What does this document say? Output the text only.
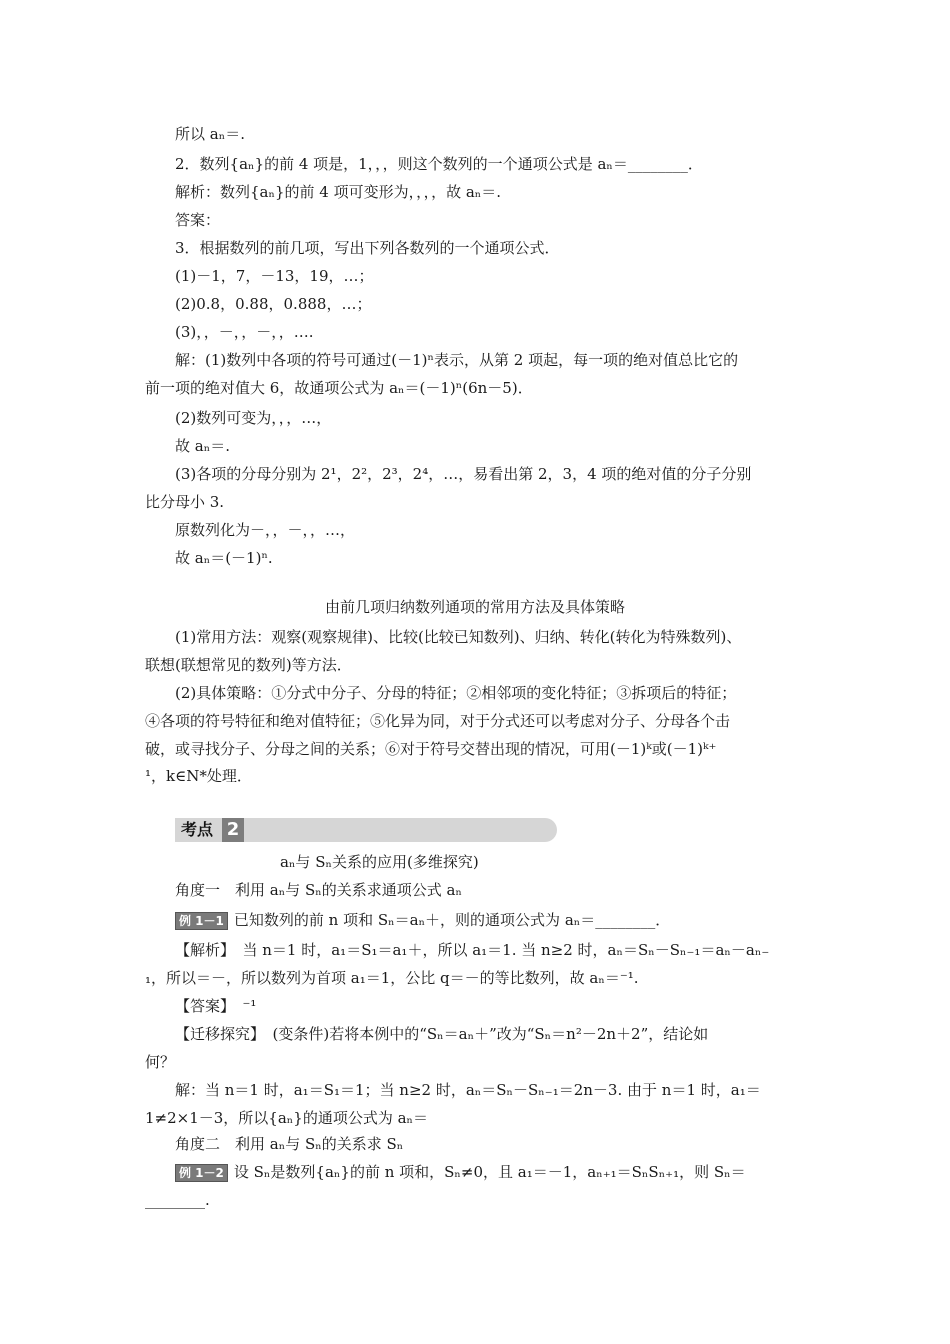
所以 aₙ＝.
2．数列{aₙ}的前 4 项是，1，，，则这个数列的一个通项公式是 aₙ＝________．
解析：数列{aₙ}的前 4 项可变形为，，，，故 aₙ＝.
答案：
3．根据数列的前几项，写出下列各数列的一个通项公式．
(1)－1，7，－13，19，…；
(2)0.8，0.88，0.888，…；
(3)，，－，，－，，….
解：(1)数列中各项的符号可通过(－1)ⁿ表示，从第 2 项起，每一项的绝对值总比它的
前一项的绝对值大 6，故通项公式为 aₙ＝(－1)ⁿ(6n－5)．
(2)数列可变为，，，…，
故 aₙ＝.
(3)各项的分母分别为 2¹，2²，2³，2⁴，…，易看出第 2，3，4 项的绝对值的分子分别
比分母小 3.
原数列化为－，，－，，…，
故 aₙ＝(－1)ⁿ.
由前几项归纳数列通项的常用方法及具体策略
(1)常用方法：观察(观察规律)、比较(比较已知数列)、归纳、转化(转化为特殊数列)、
联想(联想常见的数列)等方法．
(2)具体策略：①分式中分子、分母的特征；②相邻项的变化特征；③拆项后的特征；
④各项的符号特征和绝对值特征；⑤化异为同，对于分式还可以考虑对分子、分母各个击
破，或寻找分子、分母之间的关系；⑥对于符号交替出现的情况，可用(－1)ᵏ或(－1)ᵏ⁺
¹，k∈N*处理．
考点 2
aₙ与 Sₙ关系的应用(多维探究)
角度一　利用 aₙ与 Sₙ的关系求通项公式 aₙ
例 1－1 已知数列的前 n 项和 Sₙ＝aₙ＋，则的通项公式为 aₙ＝________．
【解析】　当 n＝1 时，a₁＝S₁＝a₁＋，所以 a₁＝1. 当 n≥2 时，aₙ＝Sₙ－Sₙ₋₁＝aₙ－aₙ₋
₁，所以＝－，所以数列为首项 a₁＝1，公比 q＝－的等比数列，故 aₙ＝⁻¹.
【答案】　⁻¹
【迁移探究】　(变条件)若将本例中的“Sₙ＝aₙ＋”改为“Sₙ＝n²－2n＋2”，结论如
何？
解：当 n＝1 时，a₁＝S₁＝1；当 n≥2 时，aₙ＝Sₙ－Sₙ₋₁＝2n－3. 由于 n＝1 时，a₁＝
1≠2×1－3，所以{aₙ}的通项公式为 aₙ＝
角度二　利用 aₙ与 Sₙ的关系求 Sₙ
例 1－2 设 Sₙ是数列{aₙ}的前 n 项和，Sₙ≠0，且 a₁＝－1，aₙ₊₁＝SₙSₙ₊₁，则 Sₙ＝
________.
